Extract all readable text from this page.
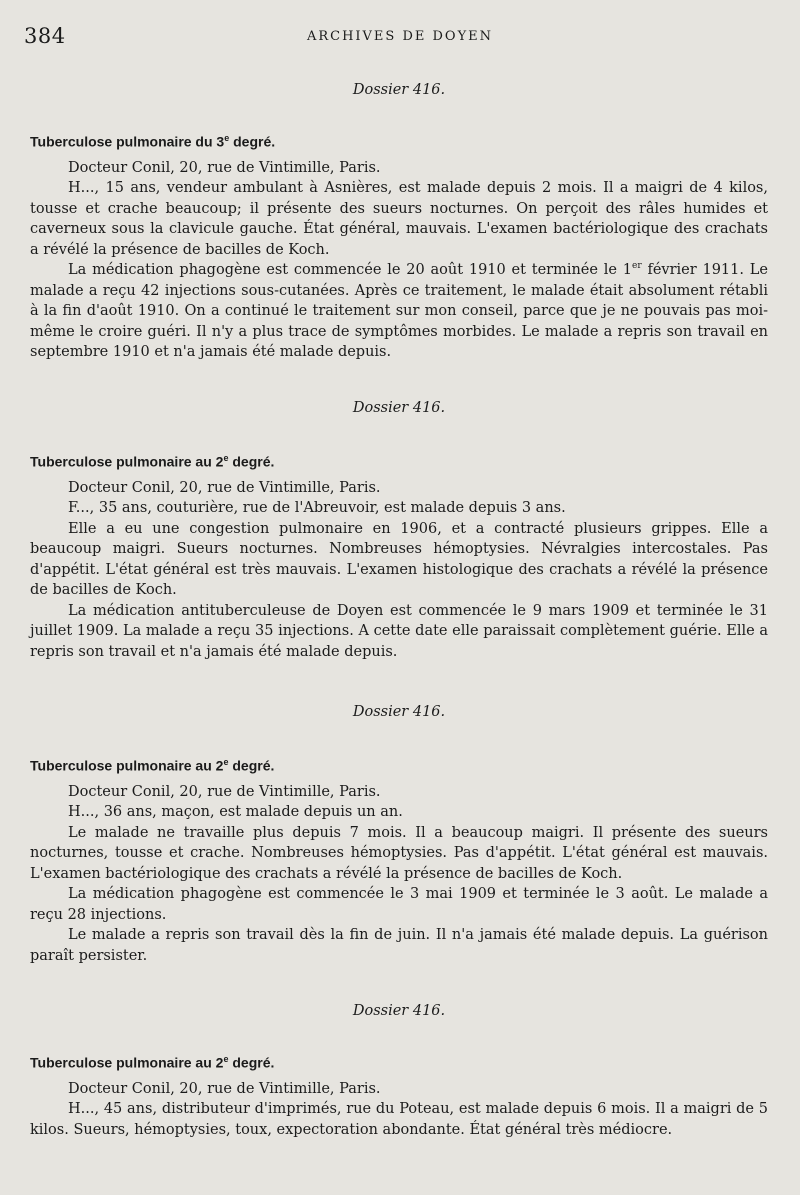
384	ARCHIVES DE DOYEN

Dossier 416.

Tuberculose pulmonaire du 3e degré.

Docteur Conil, 20, rue de Vintimille, Paris.

H..., 15 ans, vendeur ambulant à Asnières, est malade depuis 2 mois. Il a maigri de 4 kilos, tousse et crache beaucoup; il présente des sueurs nocturnes. On perçoit des râles humides et caverneux sous la clavicule gauche. État général, mauvais. L'examen bactériologique des crachats a révélé la présence de bacilles de Koch.

La médication phagogène est commencée le 20 août 1910 et terminée le 1er février 1911. Le malade a reçu 42 injections sous-cutanées. Après ce traitement, le malade était absolument rétabli à la fin d'août 1910. On a continué le traitement sur mon conseil, parce que je ne pouvais pas moi-même le croire guéri. Il n'y a plus trace de symptômes morbides. Le malade a repris son travail en septembre 1910 et n'a jamais été malade depuis.

Dossier 416.

Tuberculose pulmonaire au 2e degré.

Docteur Conil, 20, rue de Vintimille, Paris.

F..., 35 ans, couturière, rue de l'Abreuvoir, est malade depuis 3 ans.

Elle a eu une congestion pulmonaire en 1906, et a contracté plusieurs grippes. Elle a beaucoup maigri. Sueurs nocturnes. Nombreuses hémoptysies. Névralgies intercostales. Pas d'appétit. L'état général est très mauvais. L'examen histologique des crachats a révélé la présence de bacilles de Koch.

La médication antituberculeuse de Doyen est commencée le 9 mars 1909 et terminée le 31 juillet 1909. La malade a reçu 35 injections. A cette date elle paraissait complètement guérie. Elle a repris son travail et n'a jamais été malade depuis.

Dossier 416.

Tuberculose pulmonaire au 2e degré.

Docteur Conil, 20, rue de Vintimille, Paris.

H..., 36 ans, maçon, est malade depuis un an.

Le malade ne travaille plus depuis 7 mois. Il a beaucoup maigri. Il présente des sueurs nocturnes, tousse et crache. Nombreuses hémoptysies. Pas d'appétit. L'état général est mauvais. L'examen bactériologique des crachats a révélé la présence de bacilles de Koch.

La médication phagogène est commencée le 3 mai 1909 et terminée le 3 août. Le malade a reçu 28 injections.

Le malade a repris son travail dès la fin de juin. Il n'a jamais été malade depuis. La guérison paraît persister.

Dossier 416.

Tuberculose pulmonaire au 2e degré.

Docteur Conil, 20, rue de Vintimille, Paris.

H..., 45 ans, distributeur d'imprimés, rue du Poteau, est malade depuis 6 mois. Il a maigri de 5 kilos. Sueurs, hémoptysies, toux, expectoration abondante. État général très médiocre.
